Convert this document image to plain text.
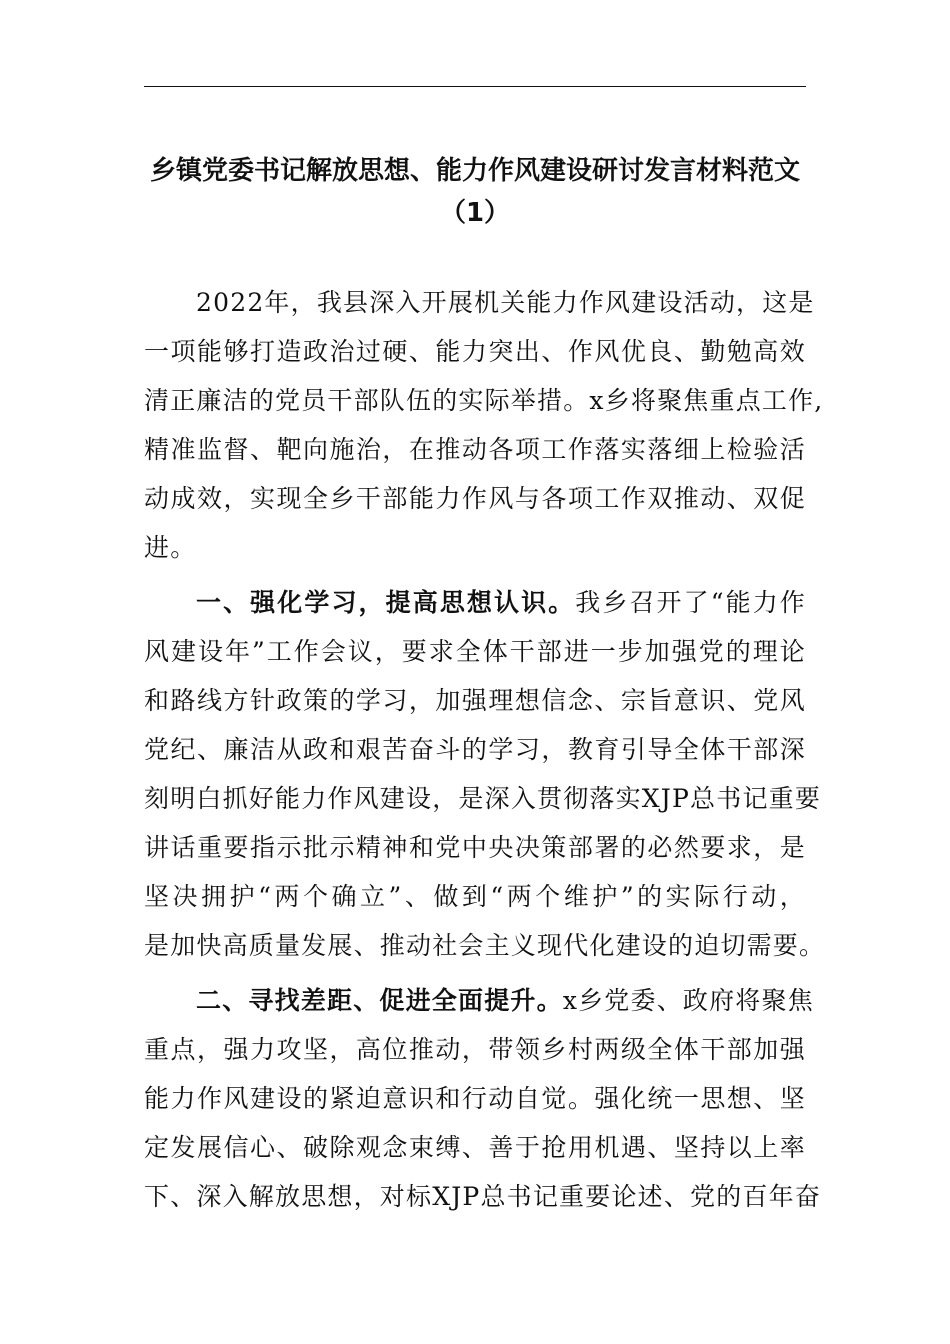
乡镇党委书记解放思想、能力作风建设研讨发言材料范文
（1）
2022年，我县深入开展机关能力作风建设活动，这是
一项能够打造政治过硬、能力突出、作风优良、勤勉高效
清正廉洁的党员干部队伍的实际举措。x乡将聚焦重点工作,
精准监督、靶向施治，在推动各项工作落实落细上检验活
动成效，实现全乡干部能力作风与各项工作双推动、双促
进。
一、强化学习，提高思想认识。我乡召开了“能力作
风建设年”工作会议，要求全体干部进一步加强党的理论
和路线方针政策的学习，加强理想信念、宗旨意识、党风
党纪、廉洁从政和艰苦奋斗的学习，教育引导全体干部深
刻明白抓好能力作风建设，是深入贯彻落实XJP总书记重要
讲话重要指示批示精神和党中央决策部署的必然要求，是
坚决拥护“两个确立”、做到“两个维护”的实际行动，
是加快高质量发展、推动社会主义现代化建设的迫切需要。
二、寻找差距、促进全面提升。x乡党委、政府将聚焦
重点，强力攻坚，高位推动，带领乡村两级全体干部加强
能力作风建设的紧迫意识和行动自觉。强化统一思想、坚
定发展信心、破除观念束缚、善于抢用机遇、坚持以上率
下、深入解放思想，对标XJP总书记重要论述、党的百年奋
